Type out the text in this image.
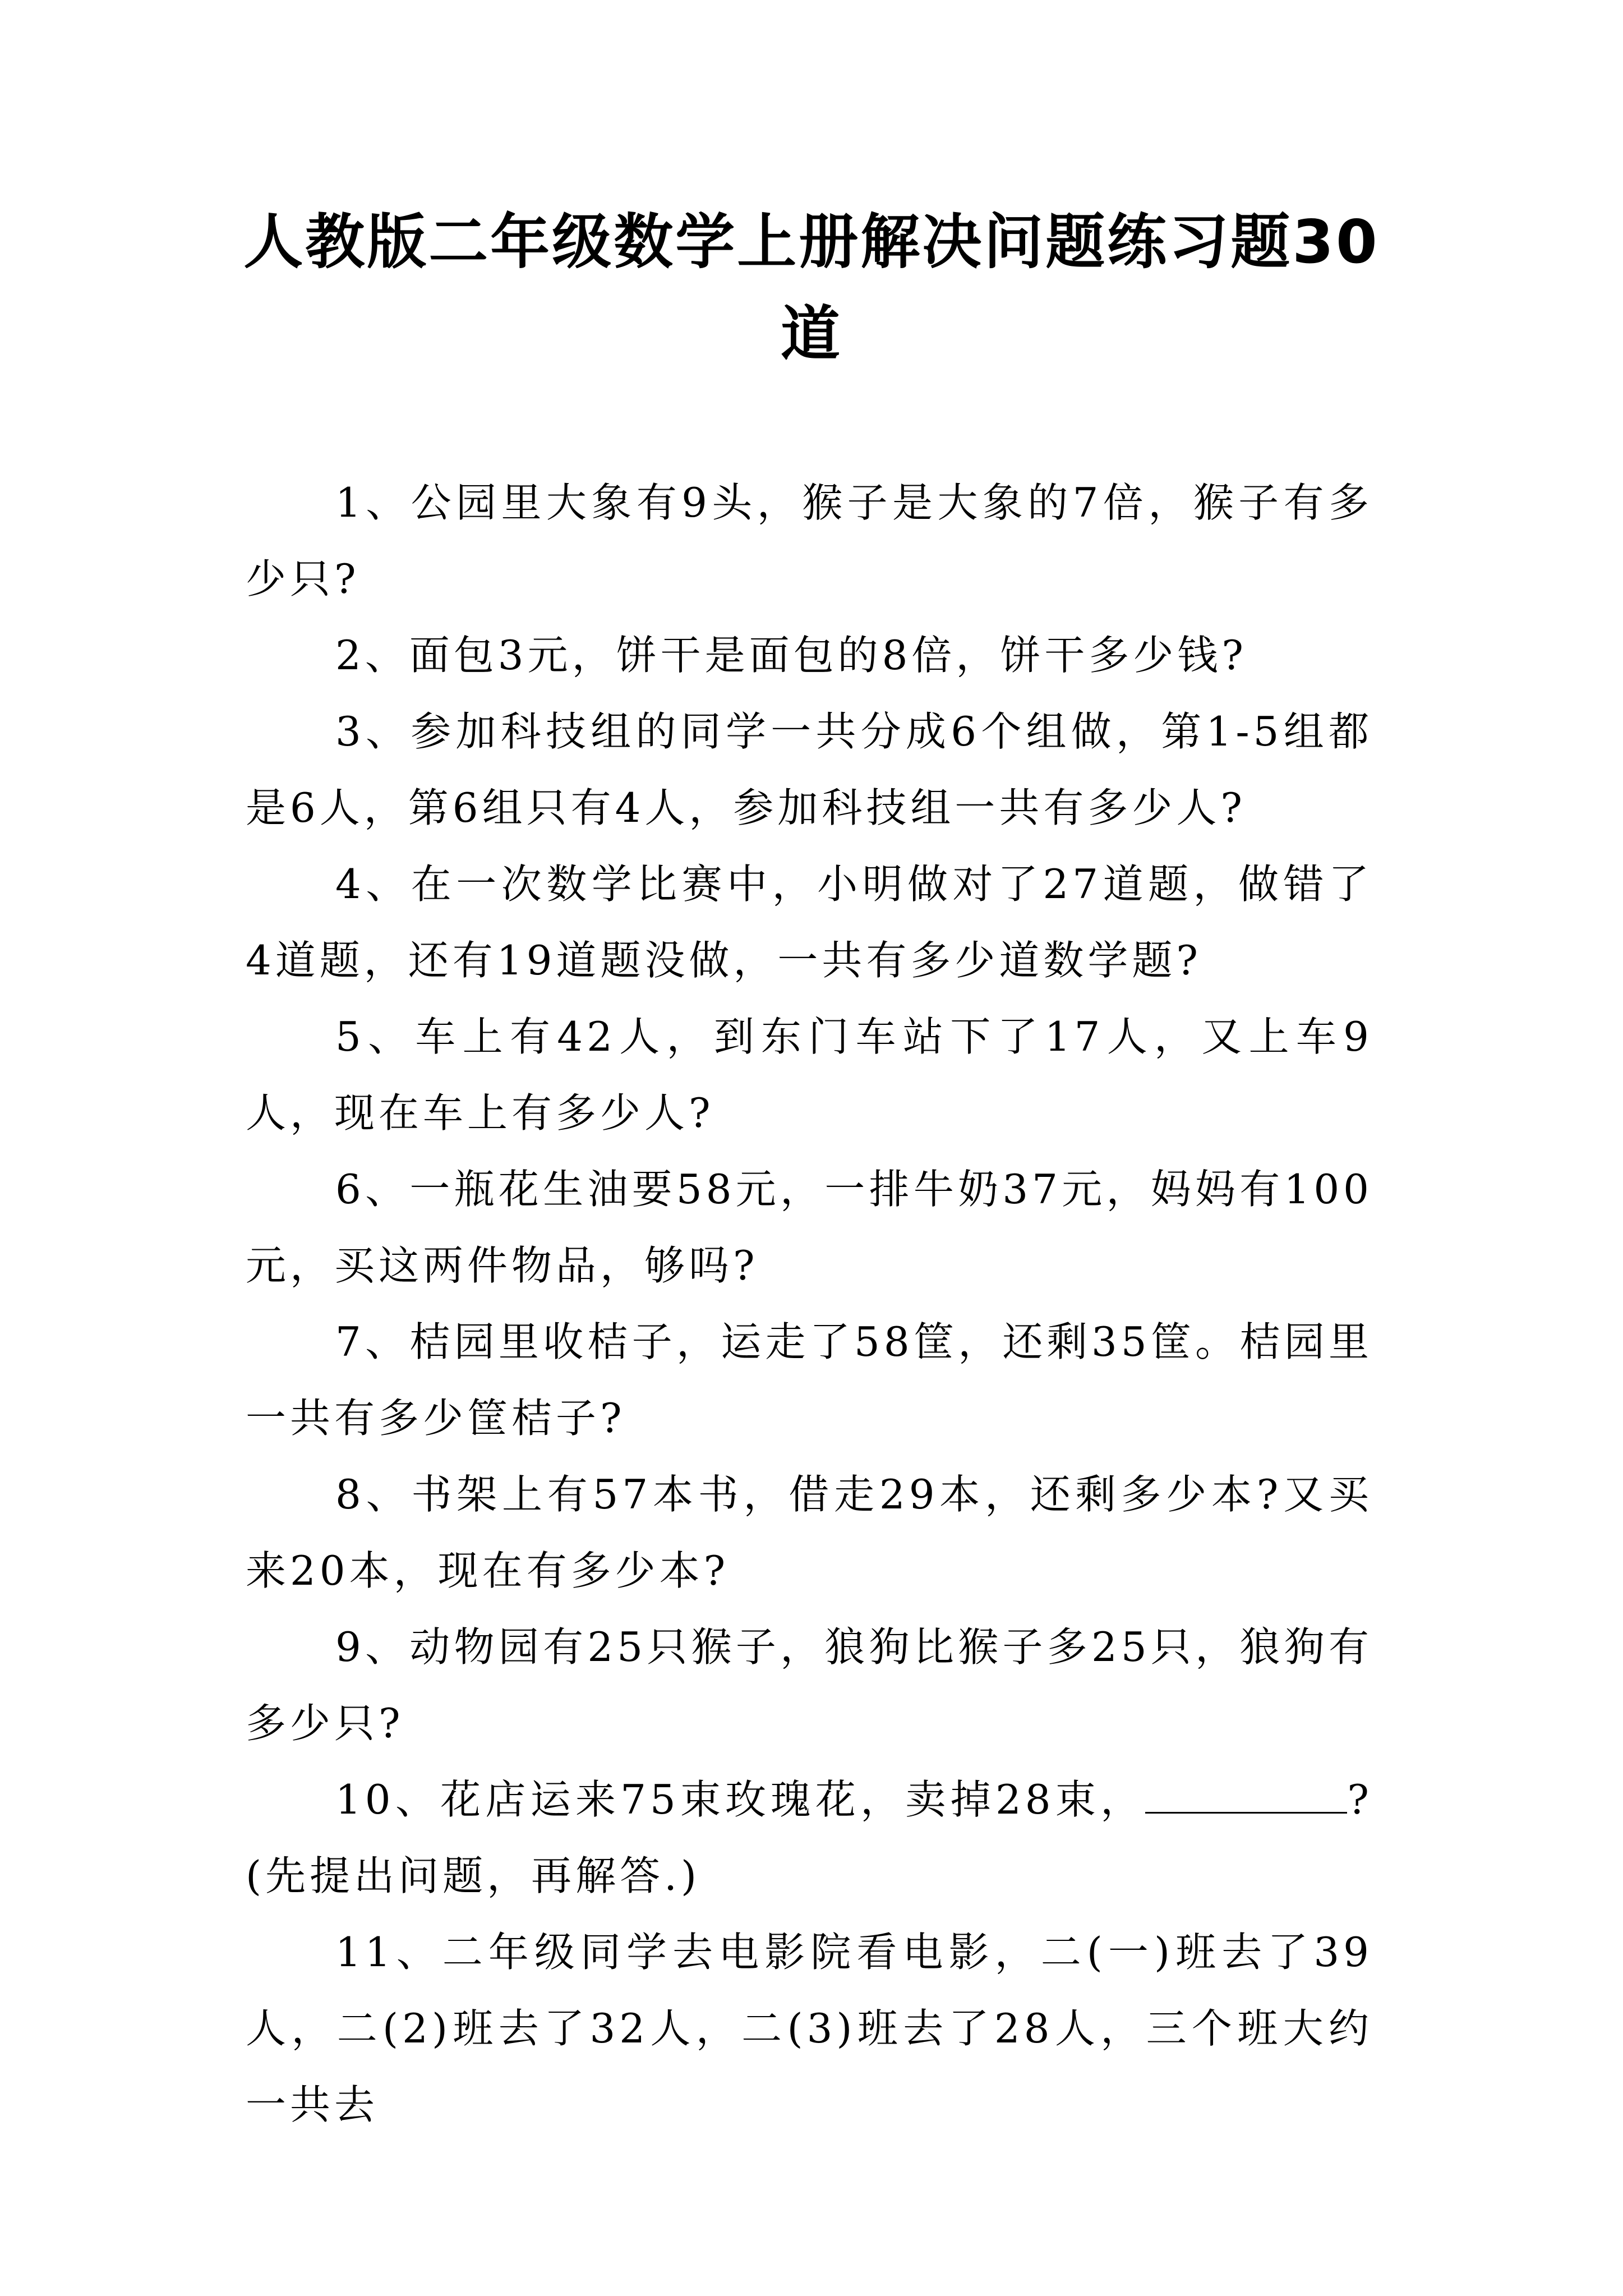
人教版二年级数学上册解决问题练习题30道

1、公园里大象有9头，猴子是大象的7倍，猴子有多少只?

2、面包3元，饼干是面包的8倍，饼干多少钱?

3、参加科技组的同学一共分成6个组做，第1-5组都是6人，第6组只有4人，参加科技组一共有多少人?

4、在一次数学比赛中，小明做对了27道题，做错了4道题，还有19道题没做，一共有多少道数学题?

5、车上有42人，到东门车站下了17人，又上车9人，现在车上有多少人?

6、一瓶花生油要58元，一排牛奶37元，妈妈有100元，买这两件物品，够吗?

7、桔园里收桔子，运走了58筐，还剩35筐。桔园里一共有多少筐桔子?

8、书架上有57本书，借走29本，还剩多少本?又买来20本，现在有多少本?

9、动物园有25只猴子，狼狗比猴子多25只，狼狗有多少只?

10、花店运来75束玫瑰花，卖掉28束，	?(先提出问题，再解答.)

11、二年级同学去电影院看电影，二(一)班去了39人，二(2)班去了32人，二(3)班去了28人，三个班大约一共去
